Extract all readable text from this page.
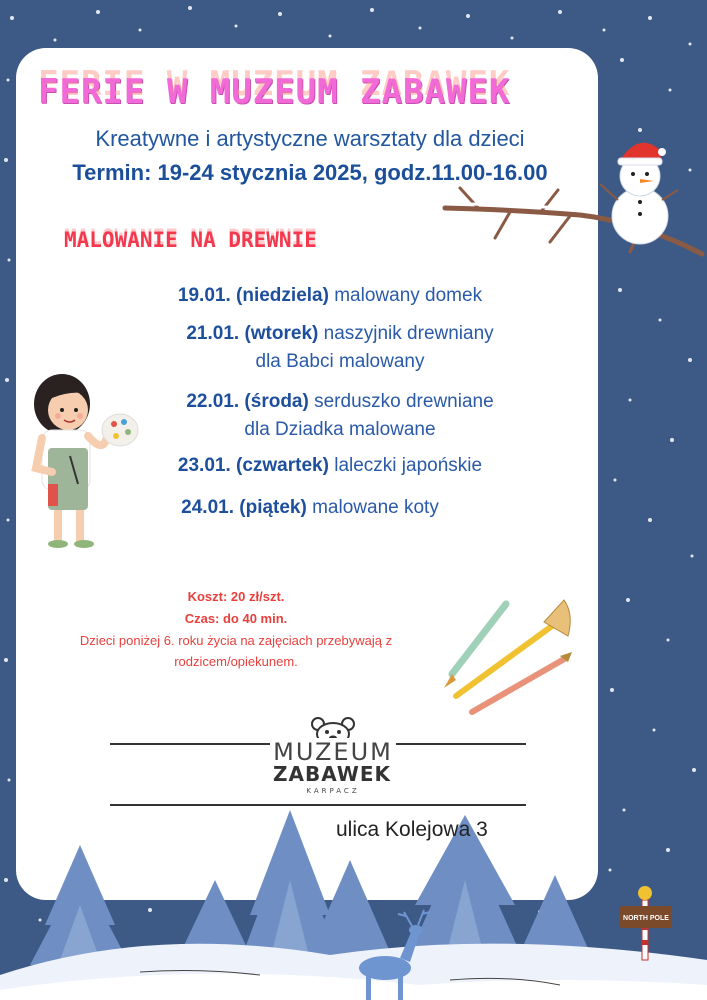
NORTH POLE
FERIE W MUZEUM ZABAWEK
Kreatywne i artystyczne warsztaty dla dzieci
Termin: 19-24 stycznia 2025, godz.11.00-16.00
MALOWANIE NA DREWNIE
19.01. (niedziela) malowany domek
21.01. (wtorek) naszyjnik drewniany
dla Babci malowany
22.01. (środa) serduszko drewniane
dla Dziadka malowane
23.01. (czwartek) laleczki japońskie
24.01. (piątek) malowane koty
Koszt: 20 zł/szt.
Czas: do 40 min.
Dzieci poniżej 6. roku życia na zajęciach przebywają z rodzicem/opiekunem.
MUZEUM
ZABAWEK
KARPACZ
ulica Kolejowa 3
